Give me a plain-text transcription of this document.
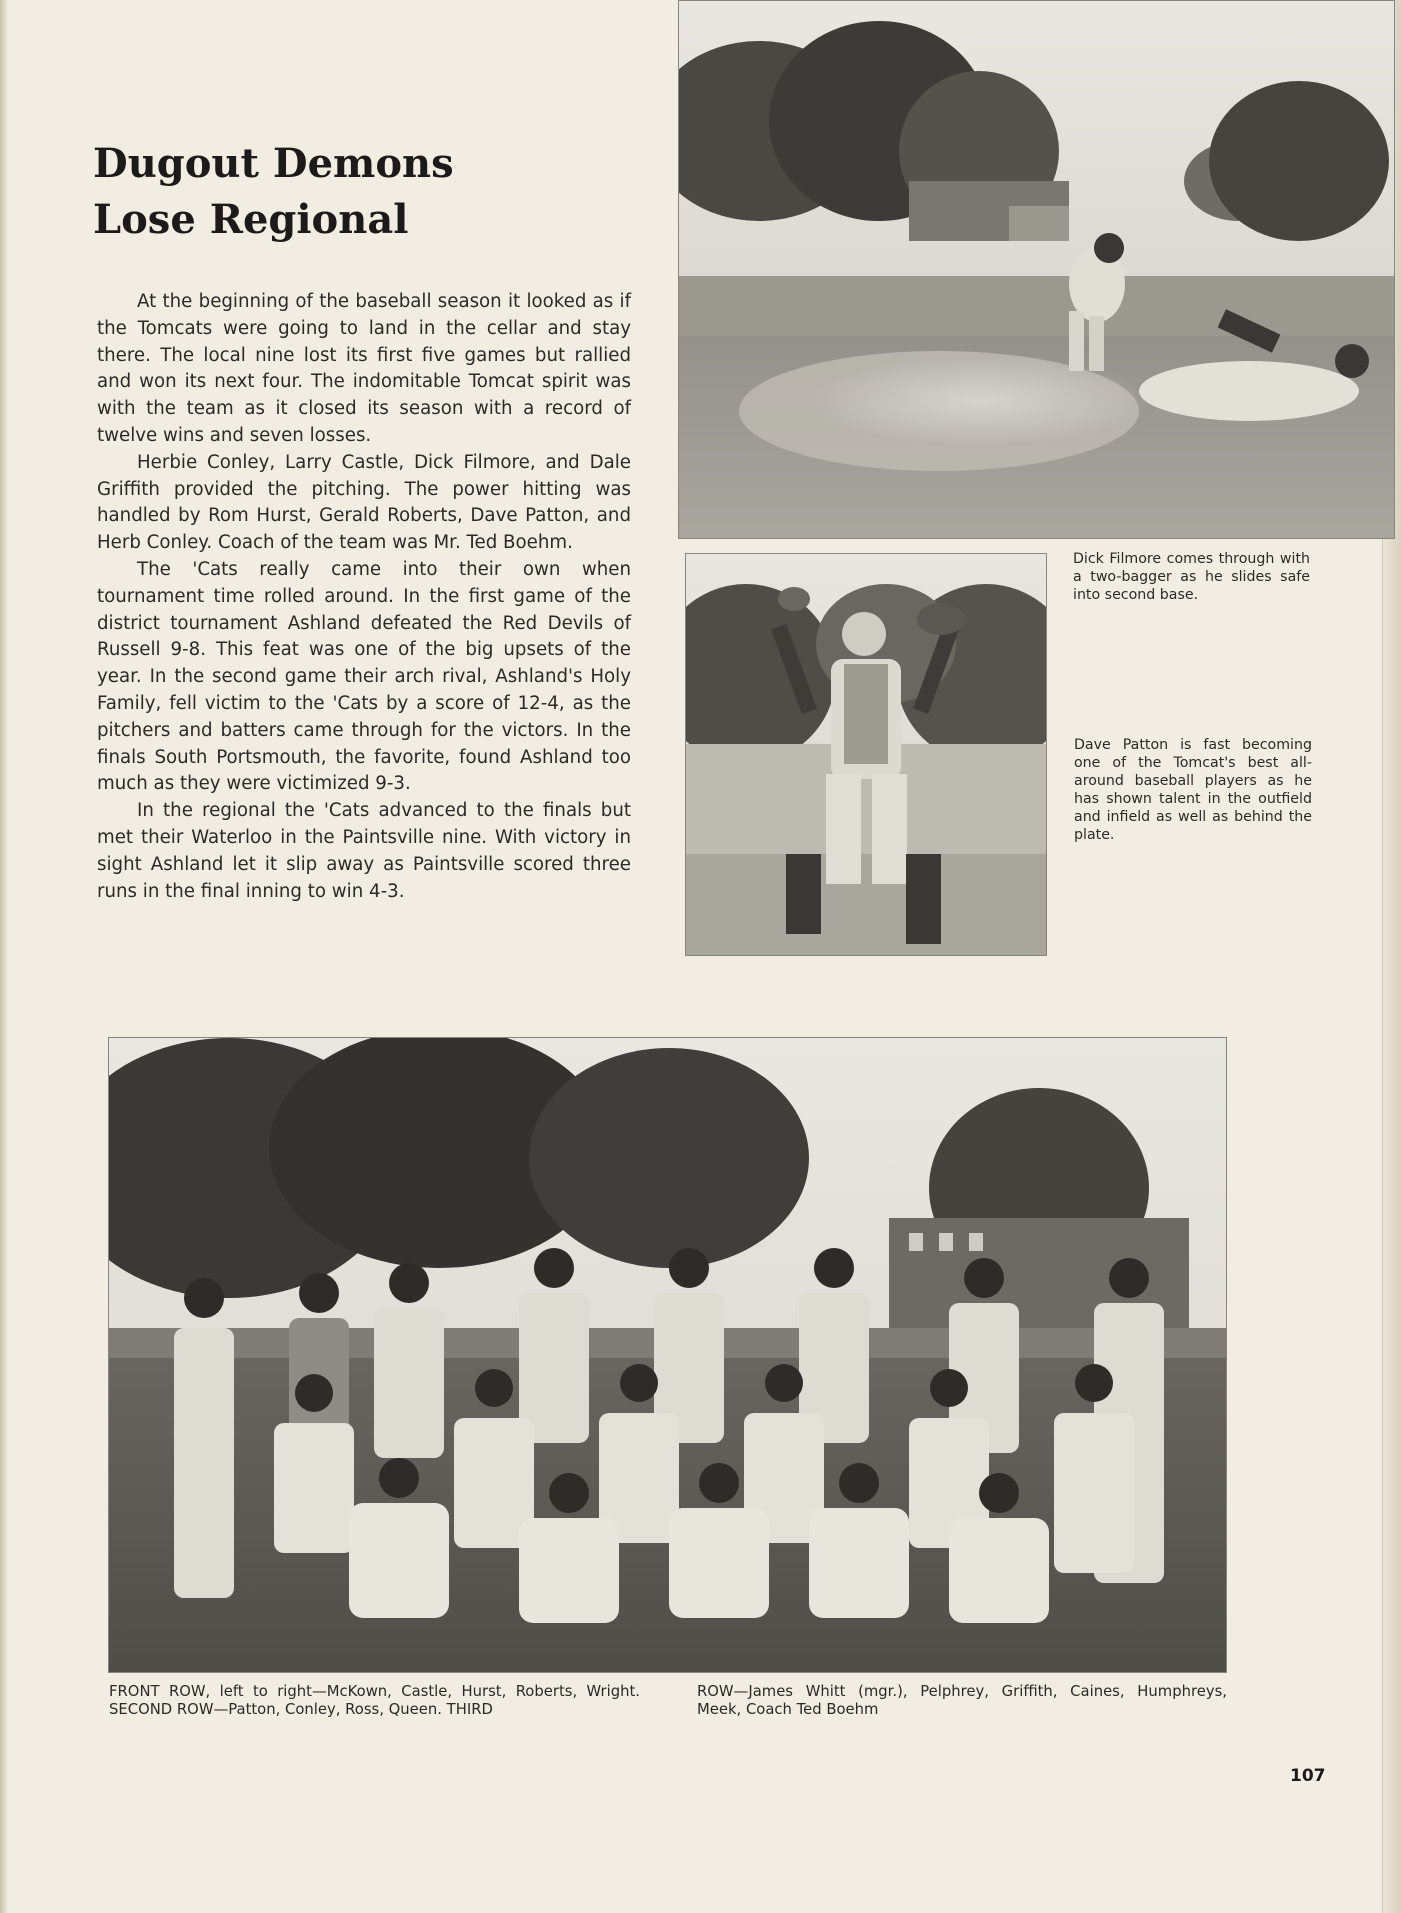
Dugout Demons
Lose Regional

At the beginning of the baseball season it looked as if the Tomcats were going to land in the cellar and stay there. The local nine lost its first five games but rallied and won its next four. The indomitable Tomcat spirit was with the team as it closed its season with a record of twelve wins and seven losses.

Herbie Conley, Larry Castle, Dick Filmore, and Dale Griffith provided the pitching. The power hitting was handled by Rom Hurst, Gerald Roberts, Dave Patton, and Herb Conley. Coach of the team was Mr. Ted Boehm.

The 'Cats really came into their own when tournament time rolled around. In the first game of the district tournament Ashland defeated the Red Devils of Russell 9-8. This feat was one of the big upsets of the year. In the second game their arch rival, Ashland's Holy Family, fell victim to the 'Cats by a score of 12-4, as the pitchers and batters came through for the victors. In the finals South Portsmouth, the favorite, found Ashland too much as they were victimized 9-3.

In the regional the 'Cats advanced to the finals but met their Waterloo in the Paintsville nine. With victory in sight Ashland let it slip away as Paintsville scored three runs in the final inning to win 4-3.

Dick Filmore comes through with a two-bagger as he slides safe into second base.
Dave Patton is fast becoming one of the Tomcat's best all-around baseball players as he has shown talent in the outfield and infield as well as behind the plate.
FRONT ROW, left to right—McKown, Castle, Hurst, Roberts, Wright. SECOND ROW—Patton, Conley, Ross, Queen. THIRD
ROW—James Whitt (mgr.), Pelphrey, Griffith, Caines, Humphreys, Meek, Coach Ted Boehm
107
